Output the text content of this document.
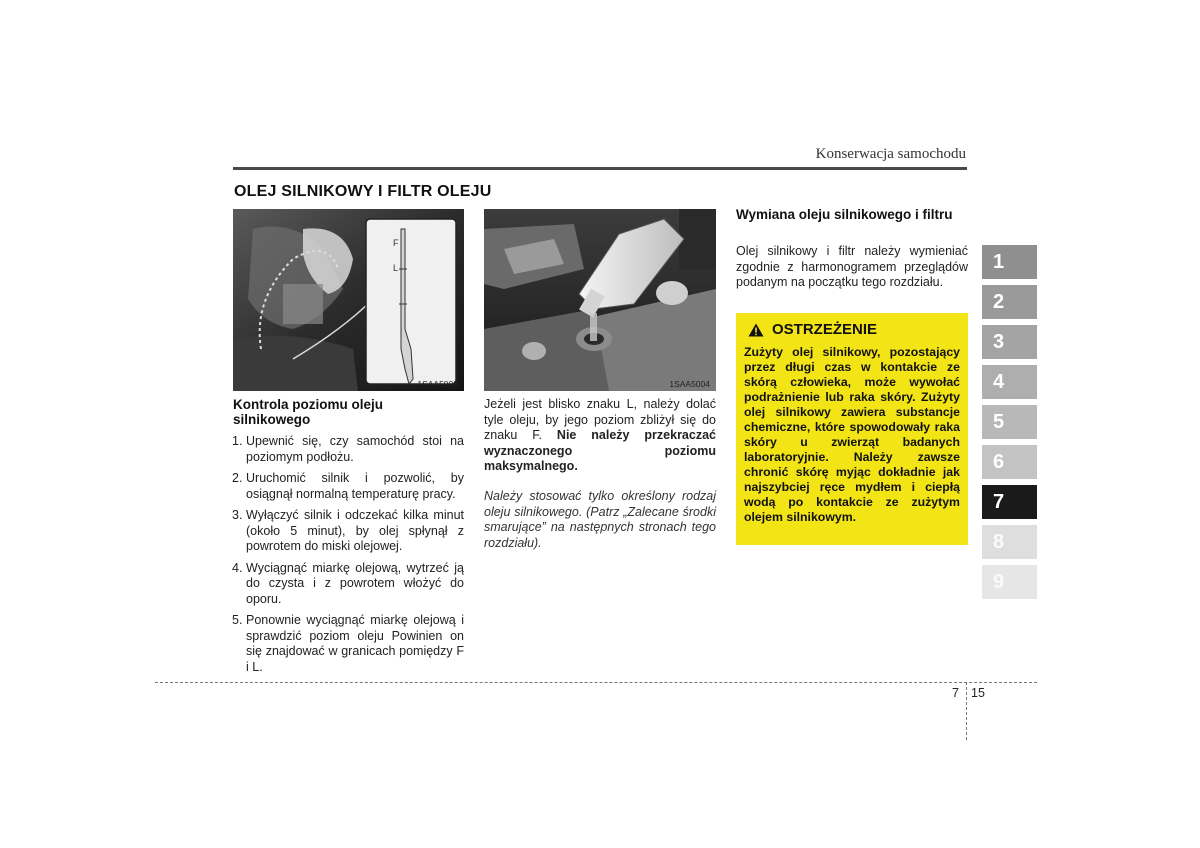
Konserwacja samochodu
OLEJ SILNIKOWY I FILTR OLEJU
F
L
1SAA5003	1SAA5004
Kontrola poziomu oleju silnikowego
1. Upewnić się, czy samochód stoi na poziomym podłożu.
2. Uruchomić silnik i pozwolić, by osiągnął normalną temperaturę pracy.
3. Wyłączyć silnik i odczekać kilka minut (około 5 minut), by olej spłynął z powrotem do miski olejowej.
4. Wyciągnąć miarkę olejową, wytrzeć ją do czysta i z powrotem włożyć do oporu.
5. Ponownie wyciągnąć miarkę olejową i sprawdzić poziom oleju Powinien on się znajdować w granicach pomiędzy F i L.
Jeżeli jest blisko znaku L, należy dolać tyle oleju, by jego poziom zbliżył się do znaku F. Nie należy przekraczać wyznaczonego poziomu maksymalnego.
Należy stosować tylko określony rodzaj oleju silnikowego. (Patrz „Zalecane środki smarujące” na następnych stronach tego rozdziału).
Wymiana oleju silnikowego i filtru
Olej silnikowy i filtr należy wymieniać zgodnie z harmonogramem przeglądów podanym na początku tego rozdziału.
OSTRZEŻENIE
Zużyty olej silnikowy, pozostający przez długi czas w kontakcie ze skórą człowieka, może wywołać podrażnienie lub raka skóry. Zużyty olej silnikowy zawiera substancje chemiczne, które spowodowały raka skóry u zwierząt badanych laboratoryjnie. Należy zawsze chronić skórę myjąc dokładnie jak najszybciej ręce mydłem i ciepłą wodą po kontakcie ze zużytym olejem silnikowym.
1
2
3
4
5
6
7
8
9
7 15
